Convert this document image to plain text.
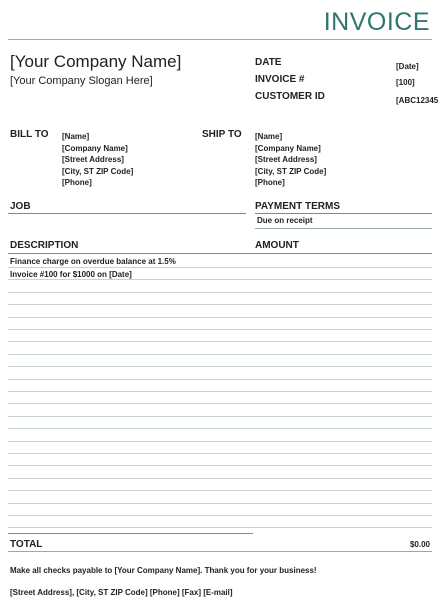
INVOICE
[Your Company Name]
[Your Company Slogan Here]
DATE	[Date]
INVOICE #	[100]
CUSTOMER ID	[ABC12345
BILL TO [Name]
[Company Name]
[Street Address]
[City, ST ZIP Code]
[Phone]
SHIP TO [Name]
[Company Name]
[Street Address]
[City, ST ZIP Code]
[Phone]
JOB	PAYMENT TERMS
Due on receipt
DESCRIPTION	AMOUNT
Finance charge on overdue balance at 1.5%
Invoice #100 for $1000 on [Date]
TOTAL	$0.00
Make all checks payable to [Your Company Name]. Thank you for your business!
[Street Address], [City, ST ZIP Code] [Phone] [Fax] [E-mail]
